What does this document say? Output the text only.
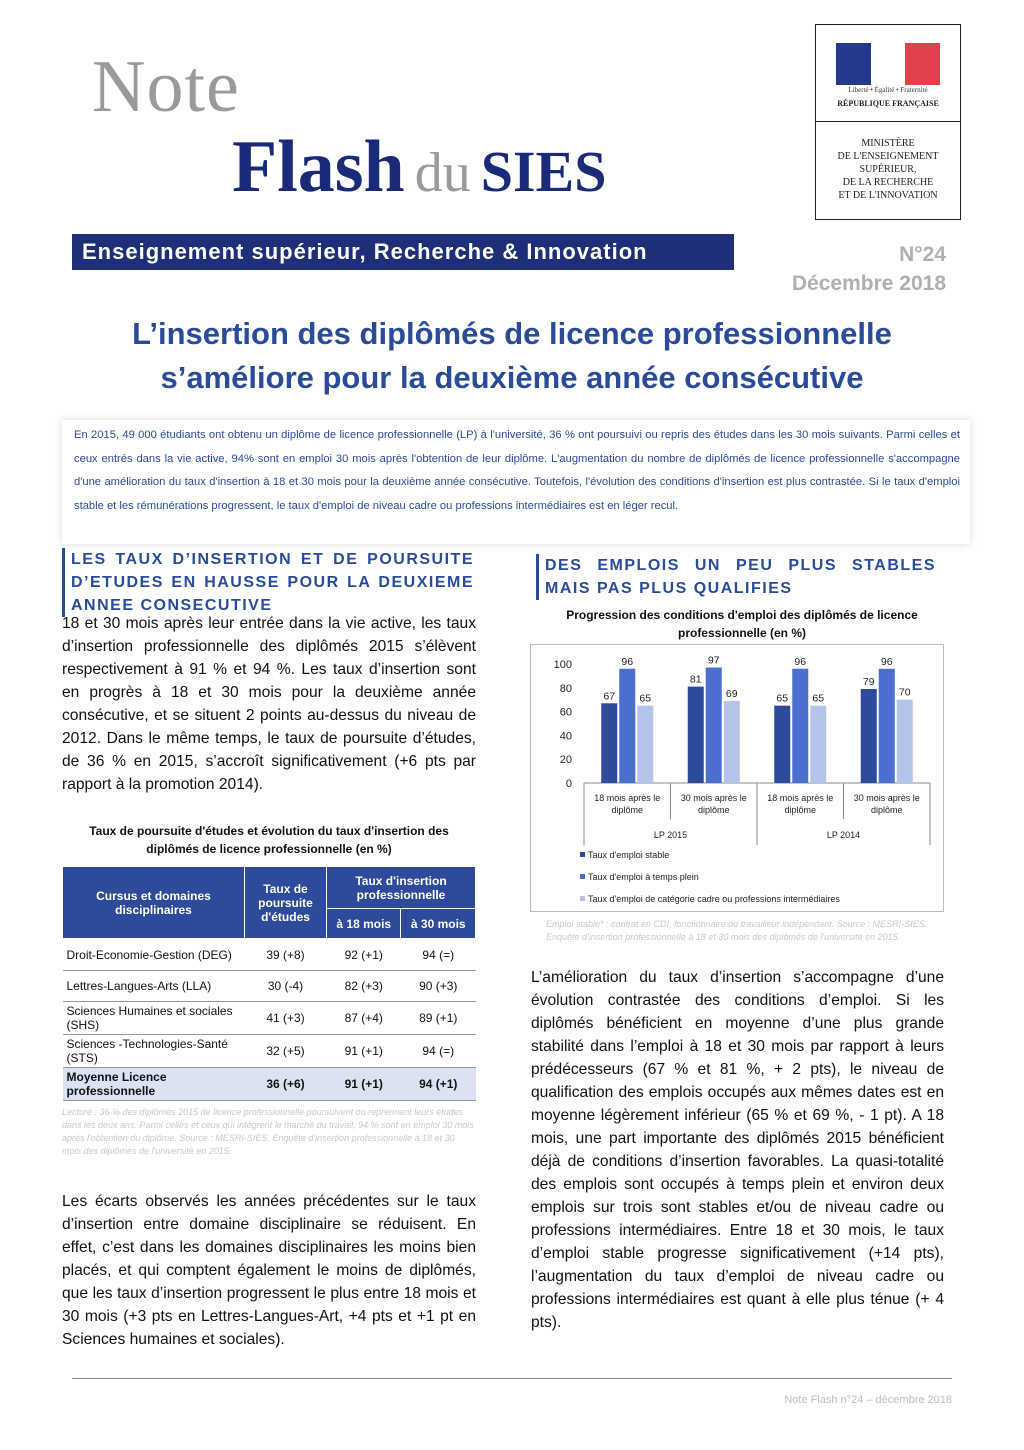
Note
Flash du SIES
Liberté • Égalité • Fraternité
RÉPUBLIQUE FRANÇAISE
MINISTÈRE
DE L'ENSEIGNEMENT
SUPÉRIEUR,
DE LA RECHERCHE
ET DE L'INNOVATION
Enseignement supérieur, Recherche & Innovation	N°24
Décembre 2018
L’insertion des diplômés de licence professionnelle
s’améliore pour la deuxième année consécutive
En 2015, 49 000 étudiants ont obtenu un diplôme de licence professionnelle (LP) à l'université, 36 % ont poursuivi ou repris des études dans les 30 mois suivants. Parmi celles et ceux entrés dans la vie active, 94% sont en emploi 30 mois après l'obtention de leur diplôme. L'augmentation du nombre de diplômés de licence professionnelle s'accompagne d'une amélioration du taux d'insertion à 18 et 30 mois pour la deuxième année consécutive. Toutefois, l'évolution des conditions d'insertion est plus contrastée. Si le taux d'emploi stable et les rémunérations progressent, le taux d'emploi de niveau cadre ou professions intermédiaires est en léger recul.
LES TAUX D’INSERTION ET DE POURSUITE D’ETUDES EN HAUSSE POUR LA DEUXIEME ANNEE CONSECUTIVE
18 et 30 mois après leur entrée dans la vie active, les taux d’insertion professionnelle des diplômés 2015 s’élèvent respectivement à 91 % et 94 %. Les taux d’insertion sont en progrès à 18 et 30 mois pour la deuxième année consécutive, et se situent 2 points au-dessus du niveau de 2012. Dans le même temps, le taux de poursuite d’études, de 36 % en 2015, s’accroît significativement (+6 pts par rapport à la promotion 2014).
Taux de poursuite d'études et évolution du taux d'insertion des diplômés de licence professionnelle (en %)
Cursus et domaines disciplinaires	Taux de poursuite d'études	Taux d'insertion professionnelle	
		à 18 mois	à 30 mois
Droit-Economie-Gestion (DEG)	39 (+8)	92 (+1)	94 (=)
Lettres-Langues-Arts (LLA)	30 (-4)	82 (+3)	90 (+3)
Sciences Humaines et sociales (SHS)	41 (+3)	87 (+4)	89 (+1)
Sciences -Technologies-Santé (STS)	32 (+5)	91 (+1)	94 (=)
Moyenne Licence professionnelle	36 (+6)	91 (+1)	94 (+1)
Lecture : 36 % des diplômés 2015 de licence professionnelle poursuivent ou reprennent leurs études dans les deux ans. Parmi celles et ceux qui intègrent le marché du travail, 94 % sont en emploi 30 mois après l'obtention du diplôme. Source : MESRI-SIES. Enquête d'insertion professionnelle à 18 et 30 mois des diplômés de l'université en 2015.
Les écarts observés les années précédentes sur le taux d’insertion entre domaine disciplinaire se réduisent. En effet, c’est dans les domaines disciplinaires les moins bien placés, et qui comptent également le moins de diplômés, que les taux d’insertion progressent le plus entre 18 mois et 30 mois (+3 pts en Lettres-Langues-Art, +4 pts et +1 pt en Sciences humaines et sociales).
DES EMPLOIS UN PEU PLUS STABLES MAIS PAS PLUS QUALIFIES
Progression des conditions d'emploi des diplômés de licence professionnelle (en %)
0
20
40
60
80
100
67
96
65
18 mois après le
diplôme
81
97
69
30 mois après le
diplôme
65
96
65
18 mois après le
diplôme
79
96
70
30 mois après le
diplôme
LP 2015	LP 2014
Taux d'emploi stable
Taux d'emploi à temps plein
Taux d'emploi de catégorie cadre ou professions intermédiaires
Emploi stable* : contrat en CDI, fonctionnaire ou travailleur indépendant. Source : MESRI-SIES. Enquête d'insertion professionnelle à 18 et 30 mois des diplômés de l'université en 2015.
L’amélioration du taux d’insertion s’accompagne d’une évolution contrastée des conditions d’emploi. Si les diplômés bénéficient en moyenne d’une plus grande stabilité dans l’emploi à 18 et 30 mois par rapport à leurs prédécesseurs (67 % et 81 %, + 2 pts), le niveau de qualification des emplois occupés aux mêmes dates est en moyenne légèrement inférieur (65 % et 69 %, - 1 pt). A 18 mois, une part importante des diplômés 2015 bénéficient déjà de conditions d’insertion favorables. La quasi-totalité des emplois sont occupés à temps plein et environ deux emplois sur trois sont stables et/ou de niveau cadre ou professions intermédiaires. Entre 18 et 30 mois, le taux d’emploi stable progresse significativement (+14 pts), l’augmentation du taux d’emploi de niveau cadre ou professions intermédiaires est quant à elle plus ténue (+ 4 pts).
Note Flash n°24 – décembre 2018
